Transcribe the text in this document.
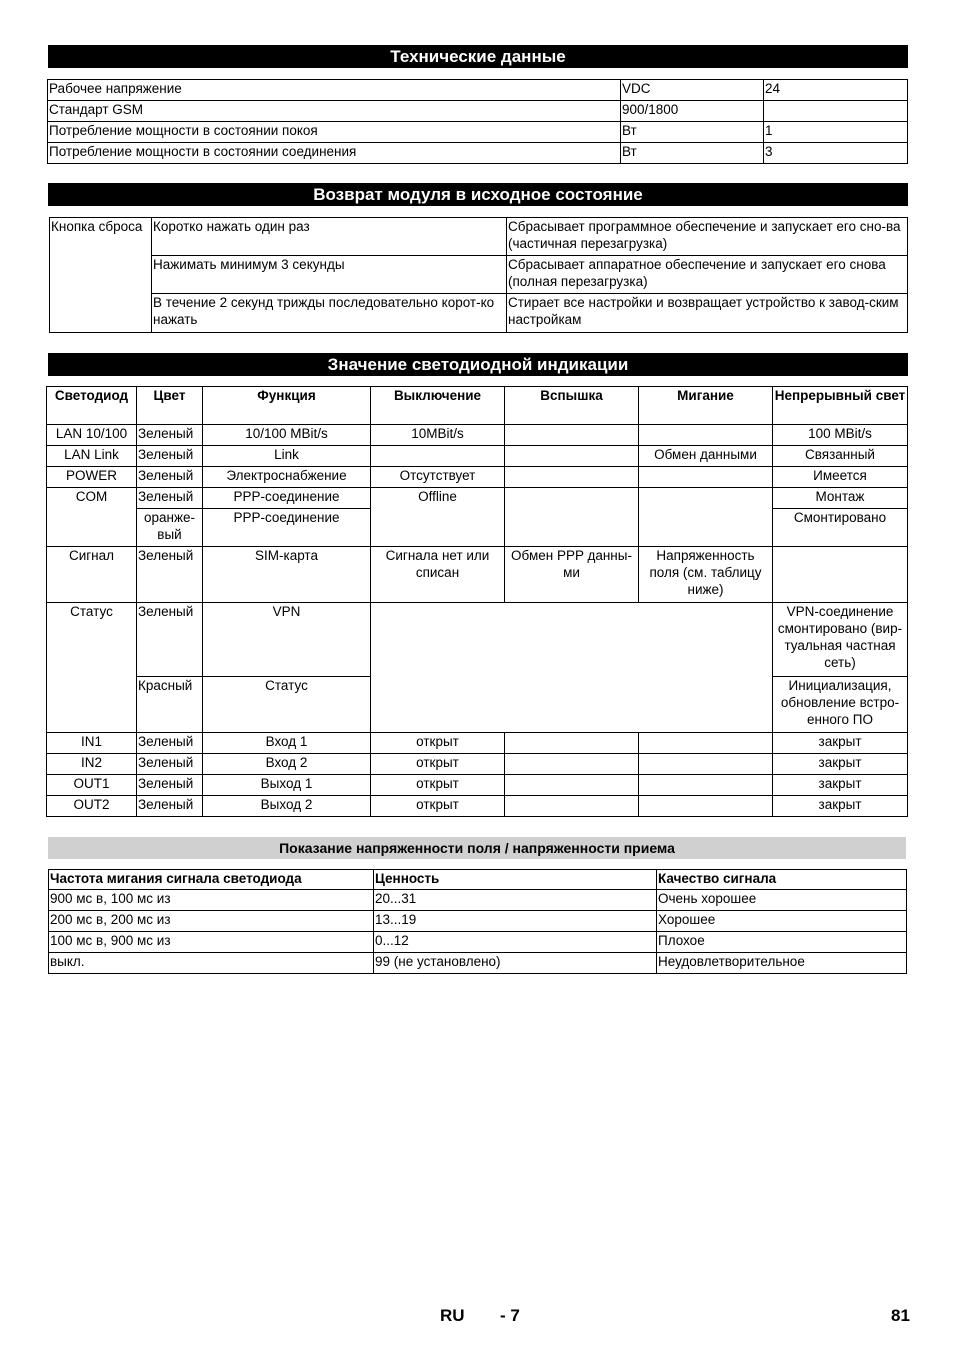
Технические данные
Рабочее напряжение	VDC	24
Стандарт GSM	900/1800	
Потребление мощности в состоянии покоя	Вт	1
Потребление мощности в состоянии соединения	Вт	3
Возврат модуля в исходное состояние
Кнопка сброса	Коротко нажать один раз	Сбрасывает программное обеспечение и запускает его сно-ва (частичная перезагрузка)
	Нажимать минимум 3 секунды	Сбрасывает аппаратное обеспечение и запускает его снова (полная перезагрузка)
	В течение 2 секунд трижды последовательно корот-ко нажать	Стирает все настройки и возвращает устройство к завод-ским настройкам
Значение светодиодной индикации
Светодиод	Цвет	Функция	Выключение	Вспышка	Мигание	Непрерывный свет
LAN 10/100	Зеленый	10/100 MBit/s	10MBit/s			100 MBit/s
LAN Link	Зеленый	Link			Обмен данными	Связанный
POWER	Зеленый	Электроснабжение	Отсутствует			Имеется
COM	Зеленый	PPP-соединение	Offline			Монтаж
	оранже-вый	PPP-соединение				Смонтировано
Сигнал	Зеленый	SIM-карта	Сигнала нет или списан	Обмен PPP данны-ми	Напряженность поля (см. таблицу ниже)	
Статус	Зеленый	VPN				VPN-соединение смонтировано (вир-туальная частная сеть)
	Красный	Статус				Инициализация, обновление встро-енного ПО
IN1	Зеленый	Вход 1	открыт			закрыт
IN2	Зеленый	Вход 2	открыт			закрыт
OUT1	Зеленый	Выход 1	открыт			закрыт
OUT2	Зеленый	Выход 2	открыт			закрыт
Показание напряженности поля / напряженности приема
Частота мигания сигнала светодиода	Ценность	Качество сигнала
900 мс в, 100 мс из	20...31	Очень хорошее
200 мс в, 200 мс из	13...19	Хорошее
100 мс в, 900 мс из	0...12	Плохое
выкл.	99 (не установлено)	Неудовлетворительное
RU - 7	81
